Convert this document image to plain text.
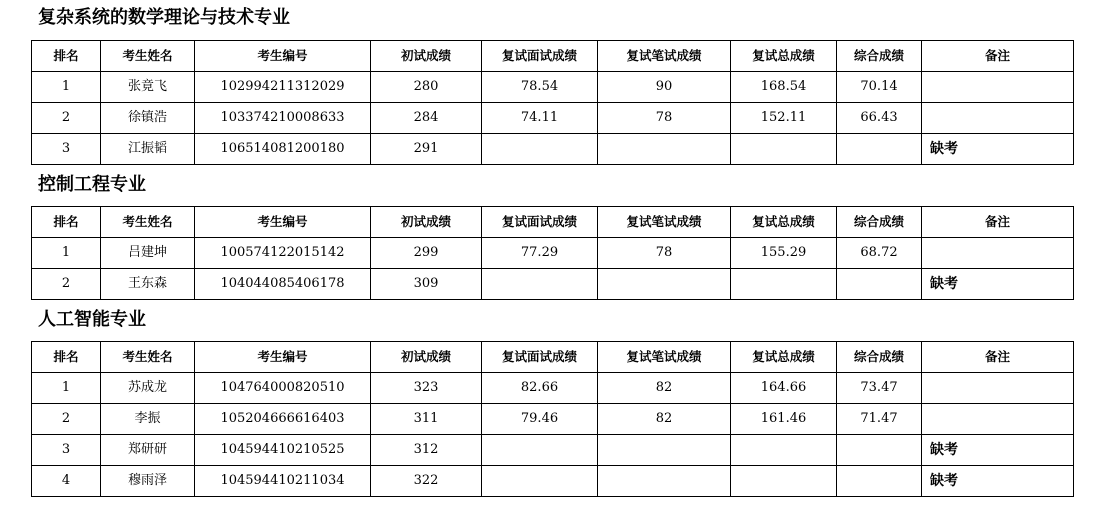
复杂系统的数学理论与技术专业
排名	考生姓名	考生编号	初试成绩	复试面试成绩	复试笔试成绩	复试总成绩	综合成绩	备注
1	张竟飞	102994211312029	280	78.54	90	168.54	70.14	
2	徐镇浩	103374210008633	284	74.11	78	152.11	66.43	
3	江振韬	106514081200180	291					缺考
控制工程专业
排名	考生姓名	考生编号	初试成绩	复试面试成绩	复试笔试成绩	复试总成绩	综合成绩	备注
1	吕建坤	100574122015142	299	77.29	78	155.29	68.72	
2	王东森	104044085406178	309					缺考
人工智能专业
排名	考生姓名	考生编号	初试成绩	复试面试成绩	复试笔试成绩	复试总成绩	综合成绩	备注
1	苏成龙	104764000820510	323	82.66	82	164.66	73.47	
2	李振	105204666616403	311	79.46	82	161.46	71.47	
3	郑研研	104594410210525	312					缺考
4	穆雨泽	104594410211034	322					缺考
